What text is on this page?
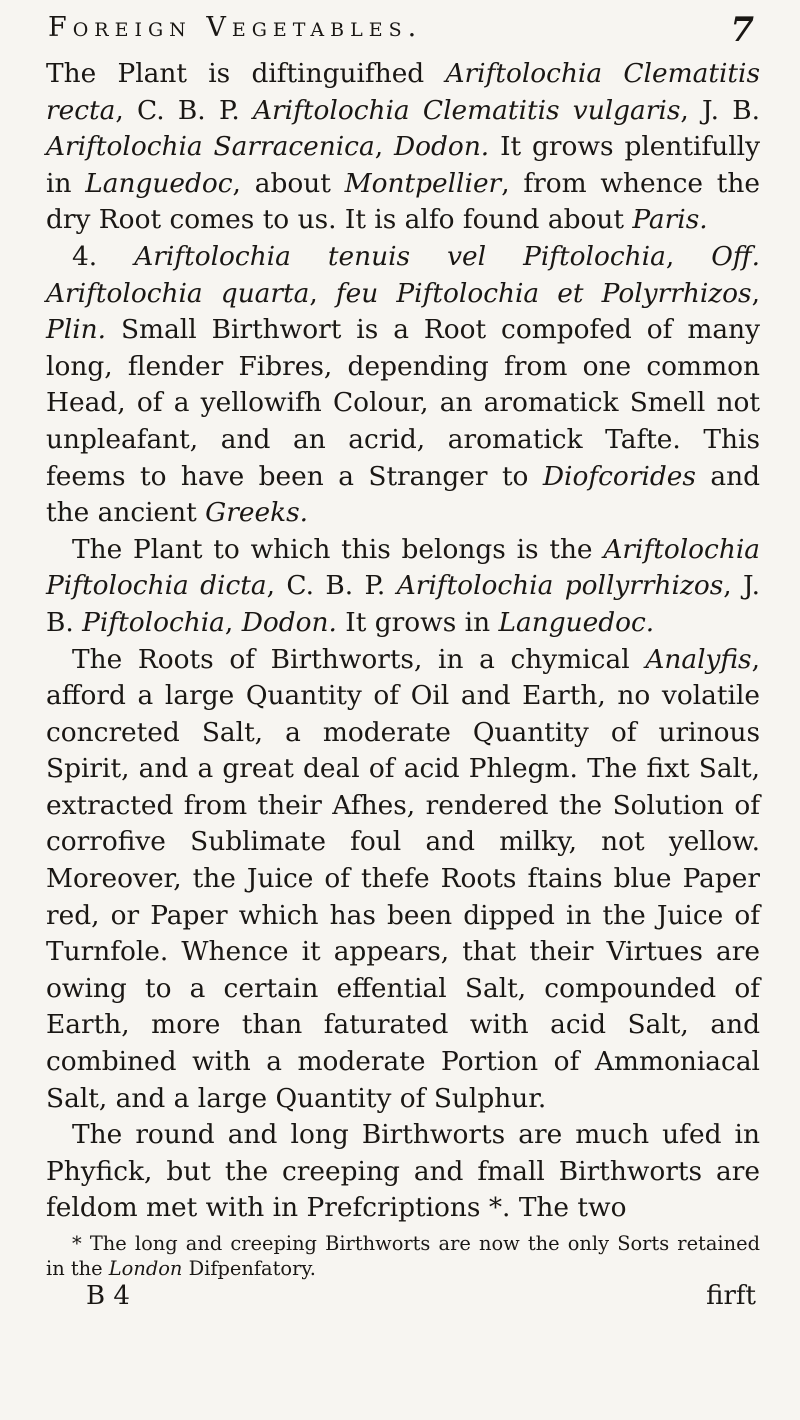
Foreign Vegetables.	7

The Plant is diftinguifhed Ariftolochia Clematitis recta, C. B. P. Ariftolochia Clematitis vulgaris, J. B. Ariftolochia Sarracenica, Dodon. It grows plentifully in Languedoc, about Montpellier, from whence the dry Root comes to us. It is alfo found about Paris.

4. Ariftolochia tenuis vel Piftolochia, Off. Ariftolochia quarta, feu Piftolochia et Polyrrhizos, Plin. Small Birthwort is a Root compofed of many long, flender Fibres, depending from one common Head, of a yellowifh Colour, an aromatick Smell not unpleafant, and an acrid, aromatick Tafte. This feems to have been a Stranger to Diofcorides and the ancient Greeks.

The Plant to which this belongs is the Ariftolochia Piftolochia dicta, C. B. P. Ariftolochia pollyrrhizos, J. B. Piftolochia, Dodon. It grows in Languedoc.

The Roots of Birthworts, in a chymical Analyfis, afford a large Quantity of Oil and Earth, no volatile concreted Salt, a moderate Quantity of urinous Spirit, and a great deal of acid Phlegm. The fixt Salt, extracted from their Afhes, rendered the Solution of corrofive Sublimate foul and milky, not yellow. Moreover, the Juice of thefe Roots ftains blue Paper red, or Paper which has been dipped in the Juice of Turnfole. Whence it appears, that their Virtues are owing to a certain effential Salt, compounded of Earth, more than faturated with acid Salt, and combined with a moderate Portion of Ammoniacal Salt, and a large Quantity of Sulphur.

The round and long Birthworts are much ufed in Phyfick, but the creeping and fmall Birthworts are feldom met with in Prefcriptions *. The two

* The long and creeping Birthworts are now the only Sorts retained in the London Difpenfatory.

B 4	firft
